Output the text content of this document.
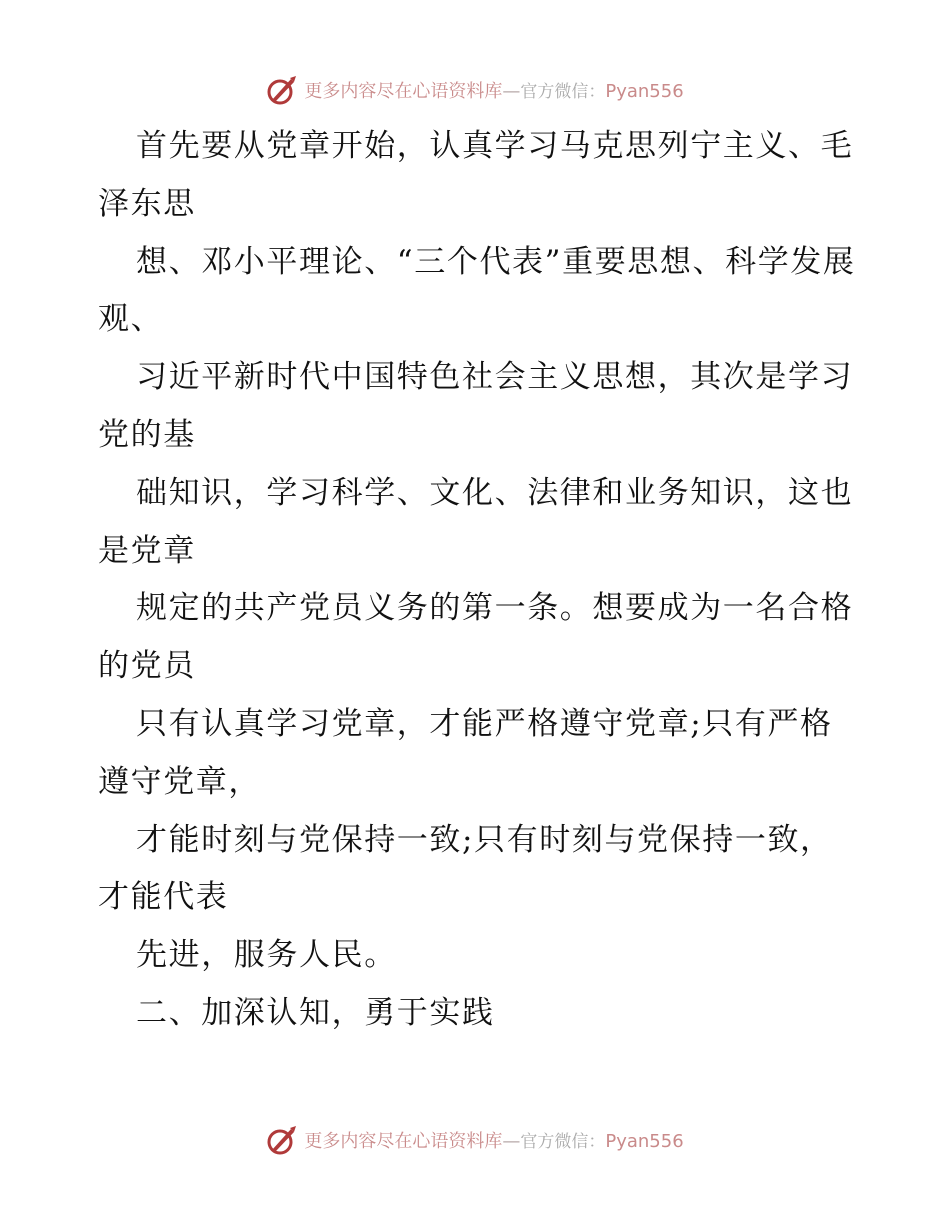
更多内容尽在心语资料库—官方微信：Pyan556

首先要从党章开始，认真学习马克思列宁主义、毛泽东思

想、邓小平理论、“三个代表”重要思想、科学发展观、

习近平新时代中国特色社会主义思想，其次是学习党的基

础知识，学习科学、文化、法律和业务知识，这也是党章

规定的共产党员义务的第一条。想要成为一名合格的党员

只有认真学习党章，才能严格遵守党章;只有严格遵守党章，

才能时刻与党保持一致;只有时刻与党保持一致，才能代表

先进，服务人民。

二、加深认知，勇于实践

更多内容尽在心语资料库—官方微信：Pyan556
